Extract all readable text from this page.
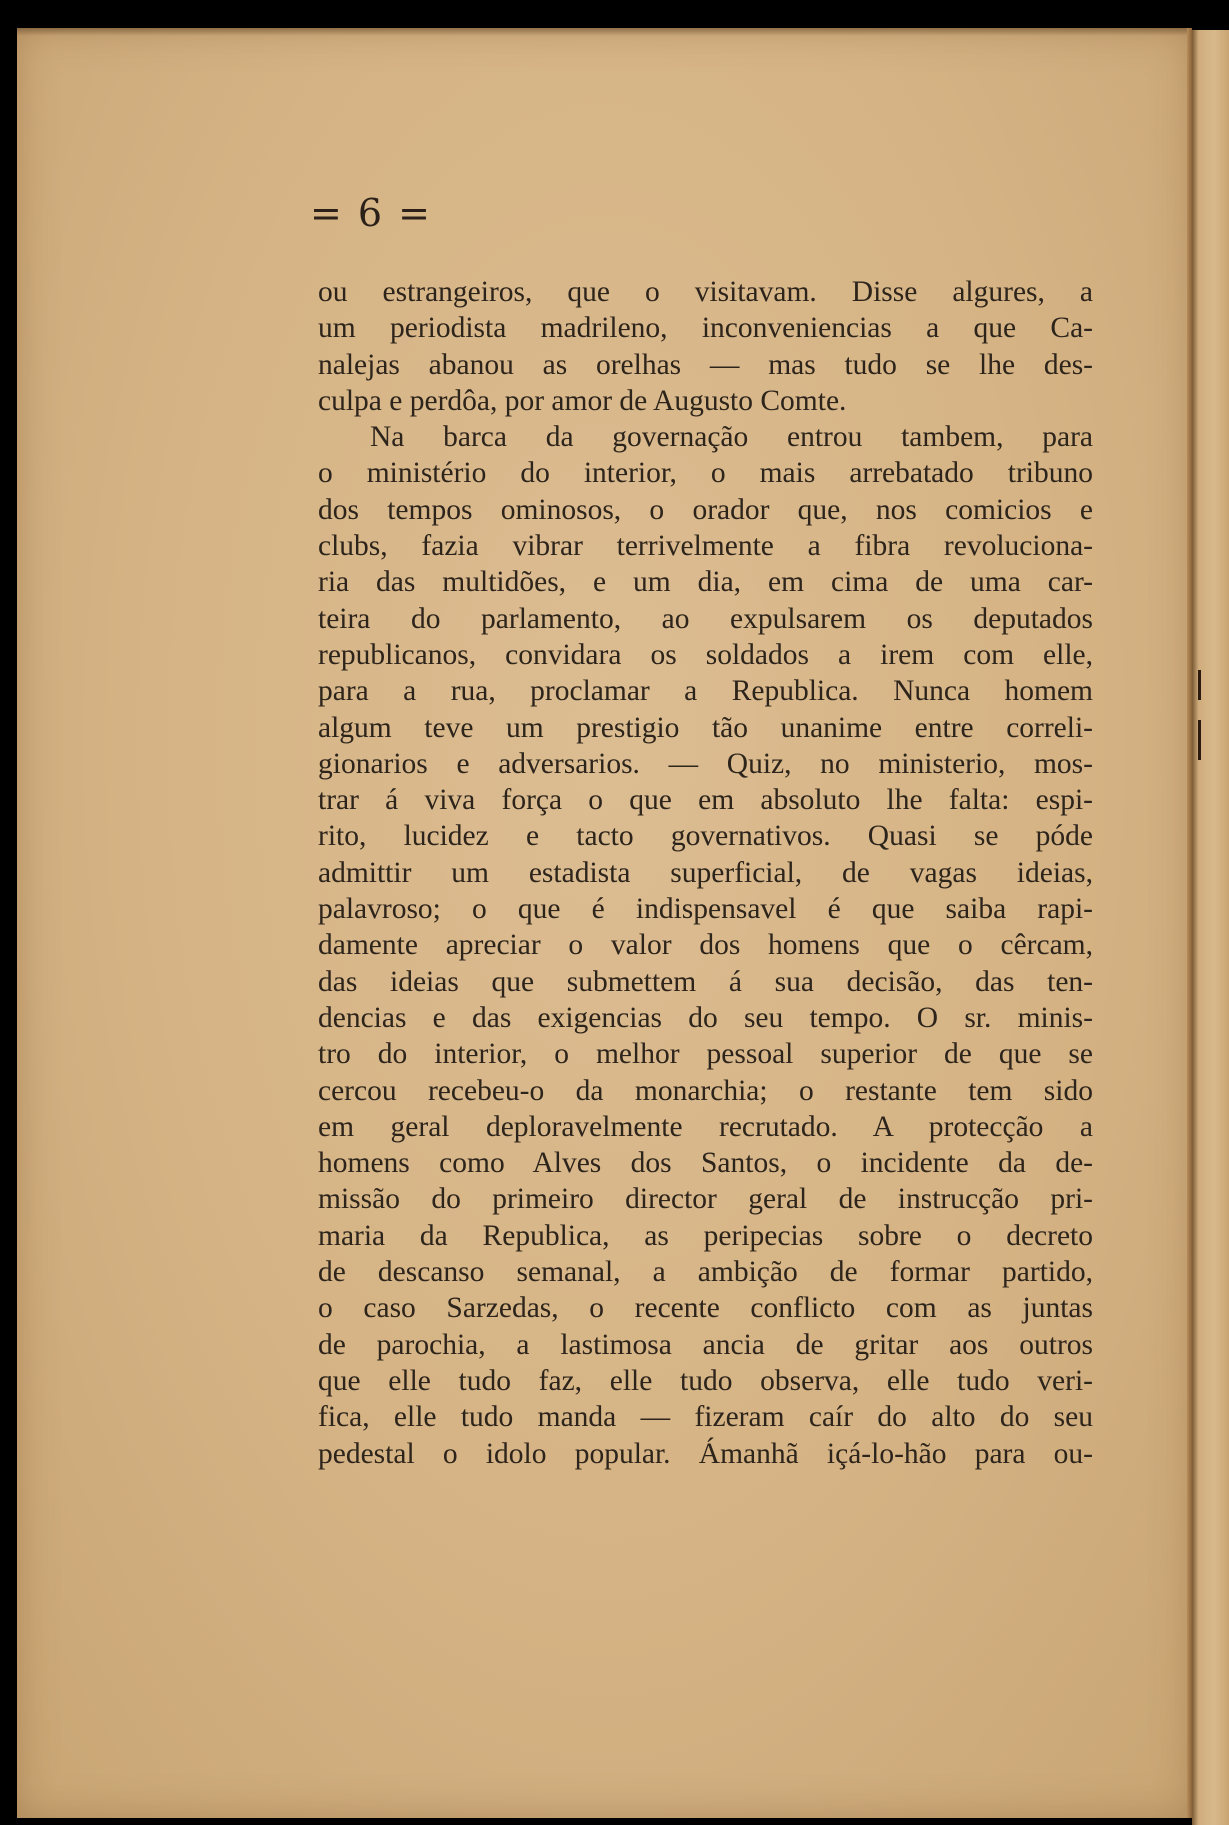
= 6 =
ou estrangeiros, que o visitavam. Disse algures, a
um periodista madrileno, inconveniencias a que Ca-
nalejas abanou as orelhas — mas tudo se lhe des-
culpa e perdôa, por amor de Augusto Comte.
Na barca da governação entrou tambem, para
o ministério do interior, o mais arrebatado tribuno
dos tempos ominosos, o orador que, nos comicios e
clubs, fazia vibrar terrivelmente a fibra revoluciona-
ria das multidões, e um dia, em cima de uma car-
teira do parlamento, ao expulsarem os deputados
republicanos, convidara os soldados a irem com elle,
para a rua, proclamar a Republica. Nunca homem
algum teve um prestigio tão unanime entre correli-
gionarios e adversarios. — Quiz, no ministerio, mos-
trar á viva força o que em absoluto lhe falta: espi-
rito, lucidez e tacto governativos. Quasi se póde
admittir um estadista superficial, de vagas ideias,
palavroso; o que é indispensavel é que saiba rapi-
damente apreciar o valor dos homens que o cêrcam,
das ideias que submettem á sua decisão, das ten-
dencias e das exigencias do seu tempo. O sr. minis-
tro do interior, o melhor pessoal superior de que se
cercou recebeu-o da monarchia; o restante tem sido
em geral deploravelmente recrutado. A protecção a
homens como Alves dos Santos, o incidente da de-
missão do primeiro director geral de instrucção pri-
maria da Republica, as peripecias sobre o decreto
de descanso semanal, a ambição de formar partido,
o caso Sarzedas, o recente conflicto com as juntas
de parochia, a lastimosa ancia de gritar aos outros
que elle tudo faz, elle tudo observa, elle tudo veri-
fica, elle tudo manda — fizeram caír do alto do seu
pedestal o idolo popular. Ámanhã içá-lo-hão para ou-
